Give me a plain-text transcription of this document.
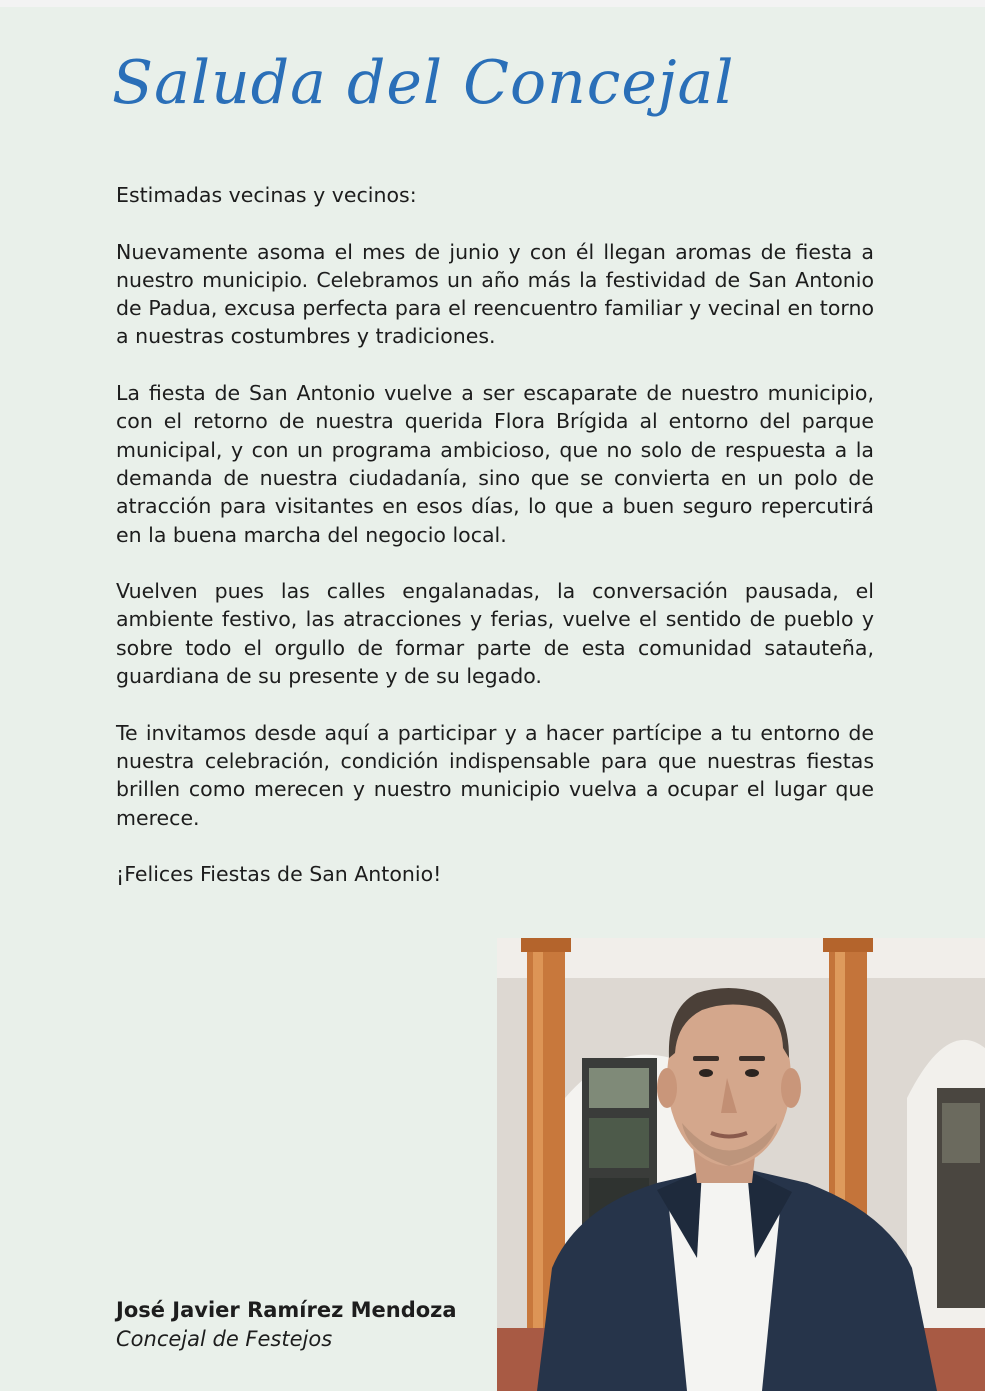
Saluda del Concejal

Estimadas vecinas y vecinos:

Nuevamente asoma el mes de junio y con él llegan aromas de fiesta a nuestro municipio. Celebramos un año más la festividad de San Antonio de Padua, excusa perfecta para el reencuentro familiar y vecinal en torno a nuestras costumbres y tradiciones.

La fiesta de San Antonio vuelve a ser escaparate de nuestro municipio, con el retorno de nuestra querida Flora Brígida al entorno del parque municipal, y con un programa ambicioso, que no solo de respuesta a la demanda de nuestra ciudadanía, sino que se convierta en un polo de atracción para visitantes en esos días, lo que a buen seguro repercutirá en la buena marcha del negocio local.

Vuelven pues las calles engalanadas, la conversación pausada, el ambiente festivo, las atracciones y ferias, vuelve el sentido de pueblo y sobre todo el orgullo de formar parte de esta comunidad satauteña, guardiana de su presente y de su legado.

Te invitamos desde aquí a participar y a hacer partícipe a tu entorno de nuestra celebración, condición indispensable para que nuestras fiestas brillen como merecen y nuestro municipio vuelva a ocupar el lugar que merece.

¡Felices Fiestas de San Antonio!

José Javier Ramírez Mendoza
Concejal de Festejos
